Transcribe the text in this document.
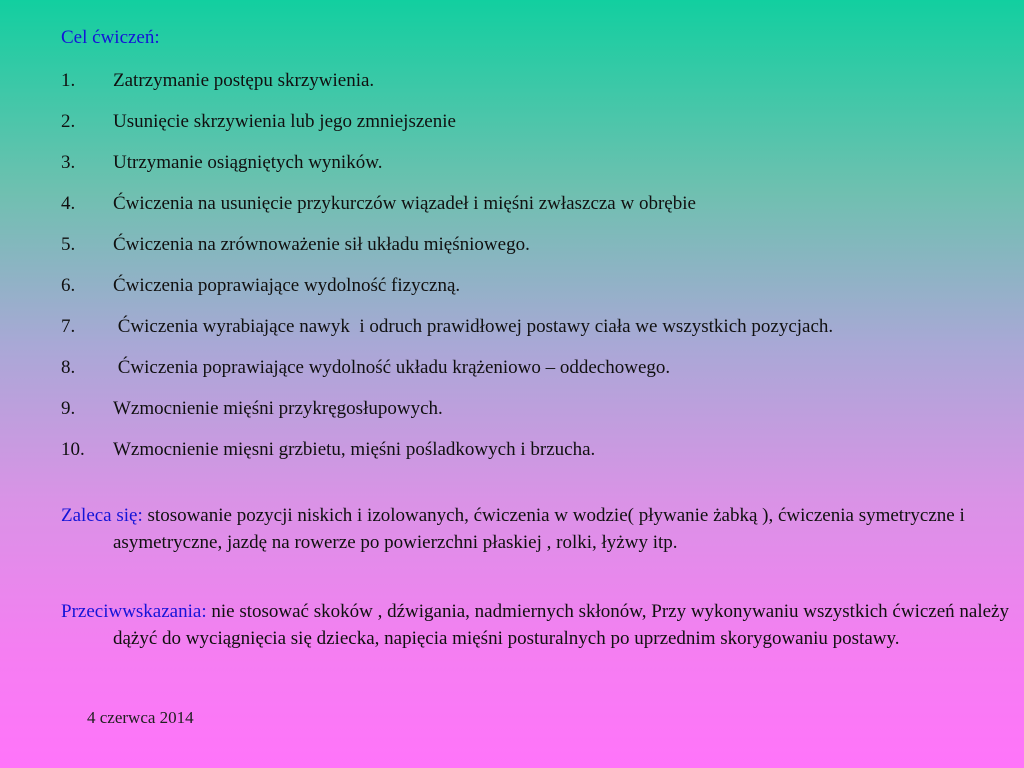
Cel ćwiczeń:
1. Zatrzymanie postępu skrzywienia.
2. Usunięcie skrzywienia lub jego zmniejszenie
3. Utrzymanie osiągniętych wyników.
4. Ćwiczenia na usunięcie przykurczów wiązadeł i mięśni zwłaszcza w obrębie
5. Ćwiczenia na zrównoważenie sił układu mięśniowego.
6. Ćwiczenia poprawiające wydolność fizyczną.
7. Ćwiczenia wyrabiające nawyk  i odruch prawidłowej postawy ciała we wszystkich pozycjach.
8. Ćwiczenia poprawiające wydolność układu krążeniowo – oddechowego.
9. Wzmocnienie mięśni przykręgosłupowych.
10. Wzmocnienie mięsni grzbietu, mięśni pośladkowych i brzucha.
Zaleca się: stosowanie pozycji niskich i izolowanych, ćwiczenia w wodzie( pływanie żabką ), ćwiczenia symetryczne i asymetryczne, jazdę na rowerze po powierzchni płaskiej , rolki, łyżwy itp.
Przeciwwskazania: nie stosować skoków , dźwigania, nadmiernych skłonów, Przy wykonywaniu wszystkich ćwiczeń należy dążyć do wyciągnięcia się dziecka, napięcia mięśni posturalnych po uprzednim skorygowaniu postawy.
4 czerwca 2014
